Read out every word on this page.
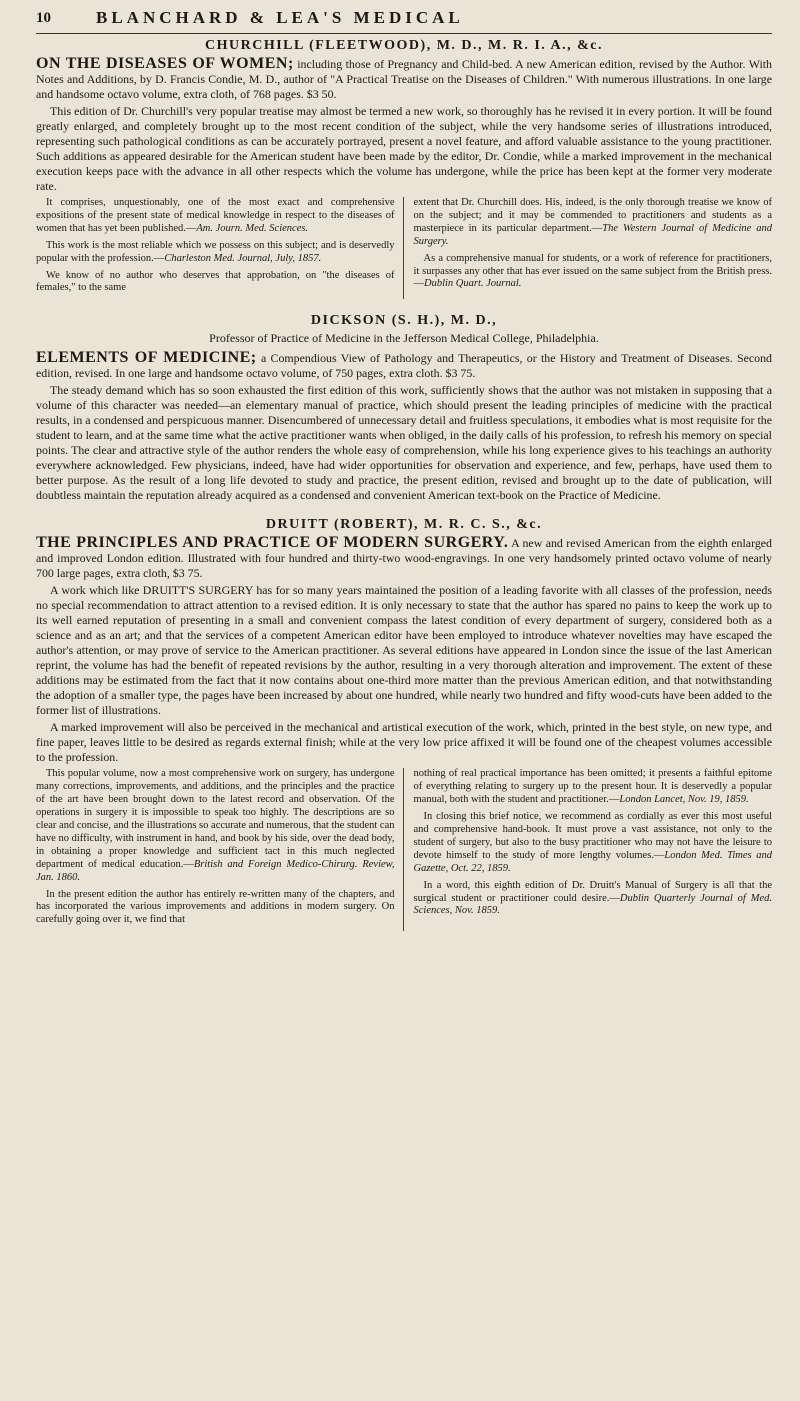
10	BLANCHARD & LEA'S MEDICAL
CHURCHILL (FLEETWOOD), M. D., M. R. I. A., &c.

ON THE DISEASES OF WOMEN; including those of Pregnancy and Child-bed. A new American edition, revised by the Author. With Notes and Additions, by D. Francis Condie, M. D., author of "A Practical Treatise on the Diseases of Children." With numerous illustrations. In one large and handsome octavo volume, extra cloth, of 768 pages. $3 50.

This edition of Dr. Churchill's very popular treatise may almost be termed a new work, so thoroughly has he revised it in every portion. It will be found greatly enlarged, and completely brought up to the most recent condition of the subject, while the very handsome series of illustrations introduced, representing such pathological conditions as can be accurately portrayed, present a novel feature, and afford valuable assistance to the young practitioner. Such additions as appeared desirable for the American student have been made by the editor, Dr. Condie, while a marked improvement in the mechanical execution keeps pace with the advance in all other respects which the volume has undergone, while the price has been kept at the former very moderate rate.

It comprises, unquestionably, one of the most exact and comprehensive expositions of the present state of medical knowledge in respect to the diseases of women that has yet been published.—Am. Journ. Med. Sciences.

This work is the most reliable which we possess on this subject; and is deservedly popular with the profession.—Charleston Med. Journal, July, 1857.

We know of no author who deserves that approbation, on "the diseases of females," to the same

extent that Dr. Churchill does. His, indeed, is the only thorough treatise we know of on the subject; and it may be commended to practitioners and students as a masterpiece in its particular department.—The Western Journal of Medicine and Surgery.

As a comprehensive manual for students, or a work of reference for practitioners, it surpasses any other that has ever issued on the same subject from the British press.—Dublin Quart. Journal.

DICKSON (S. H.), M. D.,
Professor of Practice of Medicine in the Jefferson Medical College, Philadelphia.

ELEMENTS OF MEDICINE; a Compendious View of Pathology and Therapeutics, or the History and Treatment of Diseases. Second edition, revised. In one large and handsome octavo volume, of 750 pages, extra cloth. $3 75.

The steady demand which has so soon exhausted the first edition of this work, sufficiently shows that the author was not mistaken in supposing that a volume of this character was needed—an elementary manual of practice, which should present the leading principles of medicine with the practical results, in a condensed and perspicuous manner. Disencumbered of unnecessary detail and fruitless speculations, it embodies what is most requisite for the student to learn, and at the same time what the active practitioner wants when obliged, in the daily calls of his profession, to refresh his memory on special points. The clear and attractive style of the author renders the whole easy of comprehension, while his long experience gives to his teachings an authority everywhere acknowledged. Few physicians, indeed, have had wider opportunities for observation and experience, and few, perhaps, have used them to better purpose. As the result of a long life devoted to study and practice, the present edition, revised and brought up to the date of publication, will doubtless maintain the reputation already acquired as a condensed and convenient American text-book on the Practice of Medicine.

DRUITT (ROBERT), M. R. C. S., &c.

THE PRINCIPLES AND PRACTICE OF MODERN SURGERY. A new and revised American from the eighth enlarged and improved London edition. Illustrated with four hundred and thirty-two wood-engravings. In one very handsomely printed octavo volume of nearly 700 large pages, extra cloth, $3 75.

A work which like DRUITT'S SURGERY has for so many years maintained the position of a leading favorite with all classes of the profession, needs no special recommendation to attract attention to a revised edition. It is only necessary to state that the author has spared no pains to keep the work up to its well earned reputation of presenting in a small and convenient compass the latest condition of every department of surgery, considered both as a science and as an art; and that the services of a competent American editor have been employed to introduce whatever novelties may have escaped the author's attention, or may prove of service to the American practitioner. As several editions have appeared in London since the issue of the last American reprint, the volume has had the benefit of repeated revisions by the author, resulting in a very thorough alteration and improvement. The extent of these additions may be estimated from the fact that it now contains about one-third more matter than the previous American edition, and that notwithstanding the adoption of a smaller type, the pages have been increased by about one hundred, while nearly two hundred and fifty wood-cuts have been added to the former list of illustrations.

A marked improvement will also be perceived in the mechanical and artistical execution of the work, which, printed in the best style, on new type, and fine paper, leaves little to be desired as regards external finish; while at the very low price affixed it will be found one of the cheapest volumes accessible to the profession.

This popular volume, now a most comprehensive work on surgery, has undergone many corrections, improvements, and additions, and the principles and the practice of the art have been brought down to the latest record and observation. Of the operations in surgery it is impossible to speak too highly. The descriptions are so clear and concise, and the illustrations so accurate and numerous, that the student can have no difficulty, with instrument in hand, and book by his side, over the dead body, in obtaining a proper knowledge and sufficient tact in this much neglected department of medical education.—British and Foreign Medico-Chirurg. Review, Jan. 1860.

In the present edition the author has entirely re-written many of the chapters, and has incorporated the various improvements and additions in modern surgery. On carefully going over it, we find that

nothing of real practical importance has been omitted; it presents a faithful epitome of everything relating to surgery up to the present hour. It is deservedly a popular manual, both with the student and practitioner.—London Lancet, Nov. 19, 1859.

In closing this brief notice, we recommend as cordially as ever this most useful and comprehensive hand-book. It must prove a vast assistance, not only to the student of surgery, but also to the busy practitioner who may not have the leisure to devote himself to the study of more lengthy volumes.—London Med. Times and Gazette, Oct. 22, 1859.

In a word, this eighth edition of Dr. Druitt's Manual of Surgery is all that the surgical student or practitioner could desire.—Dublin Quarterly Journal of Med. Sciences, Nov. 1859.
